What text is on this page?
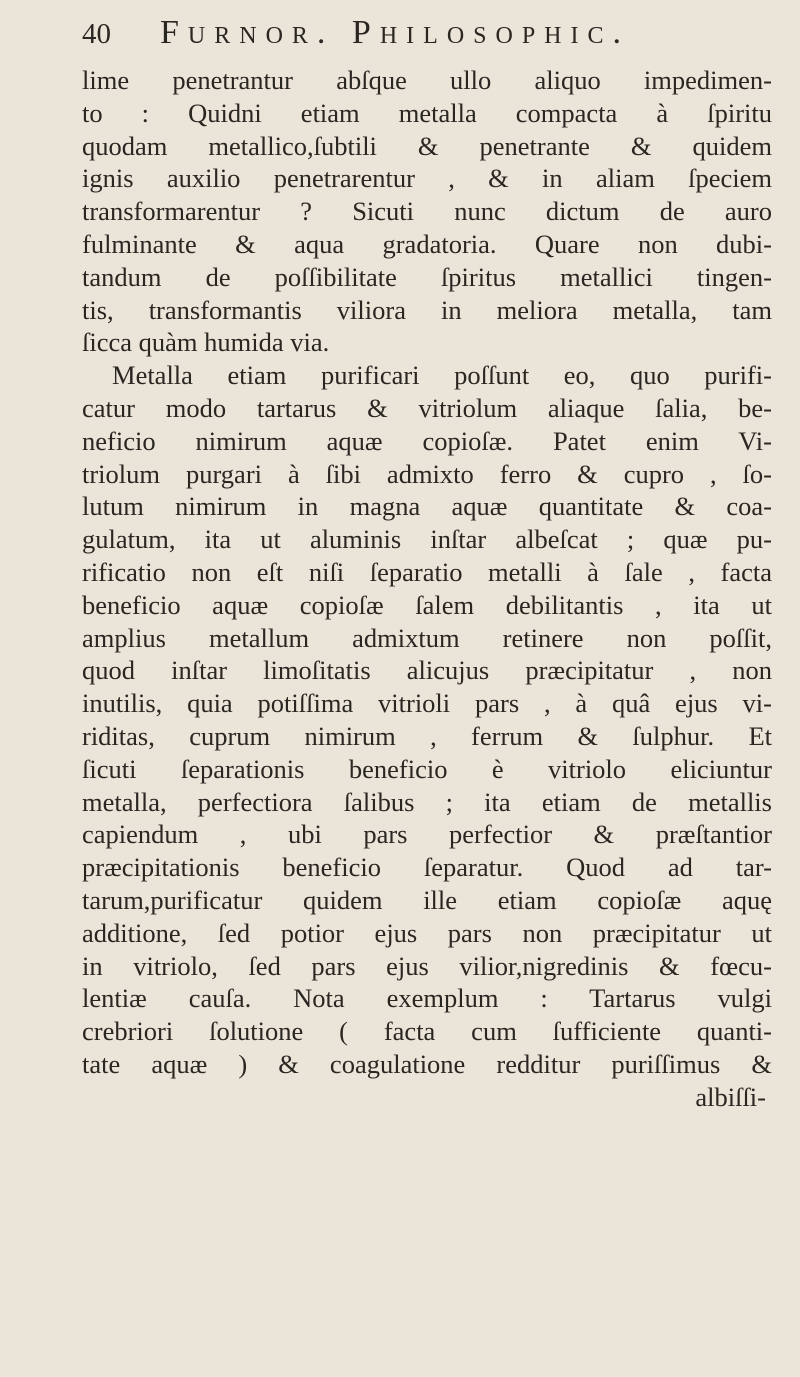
40 Furnor. Philosophic.
lime penetrantur abſque ullo aliquo impedimen-
to : Quidni etiam metalla compacta à ſpiritu
quodam metallico,ſubtili & penetrante & quidem
ignis auxilio penetrarentur , & in aliam ſpeciem
transformarentur ? Sicuti nunc dictum de auro
fulminante & aqua gradatoria. Quare non dubi-
tandum de poſſibilitate ſpiritus metallici tingen-
tis, transformantis viliora in meliora metalla, tam
ſicca quàm humida via.
Metalla etiam purificari poſſunt eo, quo purifi-
catur modo tartarus & vitriolum aliaque ſalia, be-
neficio nimirum aquæ copioſæ. Patet enim Vi-
triolum purgari à ſibi admixto ferro & cupro , ſo-
lutum nimirum in magna aquæ quantitate & coa-
gulatum, ita ut aluminis inſtar albeſcat ; quæ pu-
rificatio non eſt niſi ſeparatio metalli à ſale , facta
beneficio aquæ copioſæ ſalem debilitantis , ita ut
amplius metallum admixtum retinere non poſſit,
quod inſtar limoſitatis alicujus præcipitatur , non
inutilis, quia potiſſima vitrioli pars , à quâ ejus vi-
riditas, cuprum nimirum , ferrum & ſulphur. Et
ſicuti ſeparationis beneficio è vitriolo eliciuntur
metalla, perfectiora ſalibus ; ita etiam de metallis
capiendum , ubi pars perfectior & præſtantior
præcipitationis beneficio ſeparatur. Quod ad tar-
tarum,purificatur quidem ille etiam copioſæ aquę
additione, ſed potior ejus pars non præcipitatur ut
in vitriolo, ſed pars ejus vilior,nigredinis & fœcu-
lentiæ cauſa. Nota exemplum : Tartarus vulgi
crebriori ſolutione ( facta cum ſufficiente quanti-
tate aquæ ) & coagulatione redditur puriſſimus &
albiſſi-
